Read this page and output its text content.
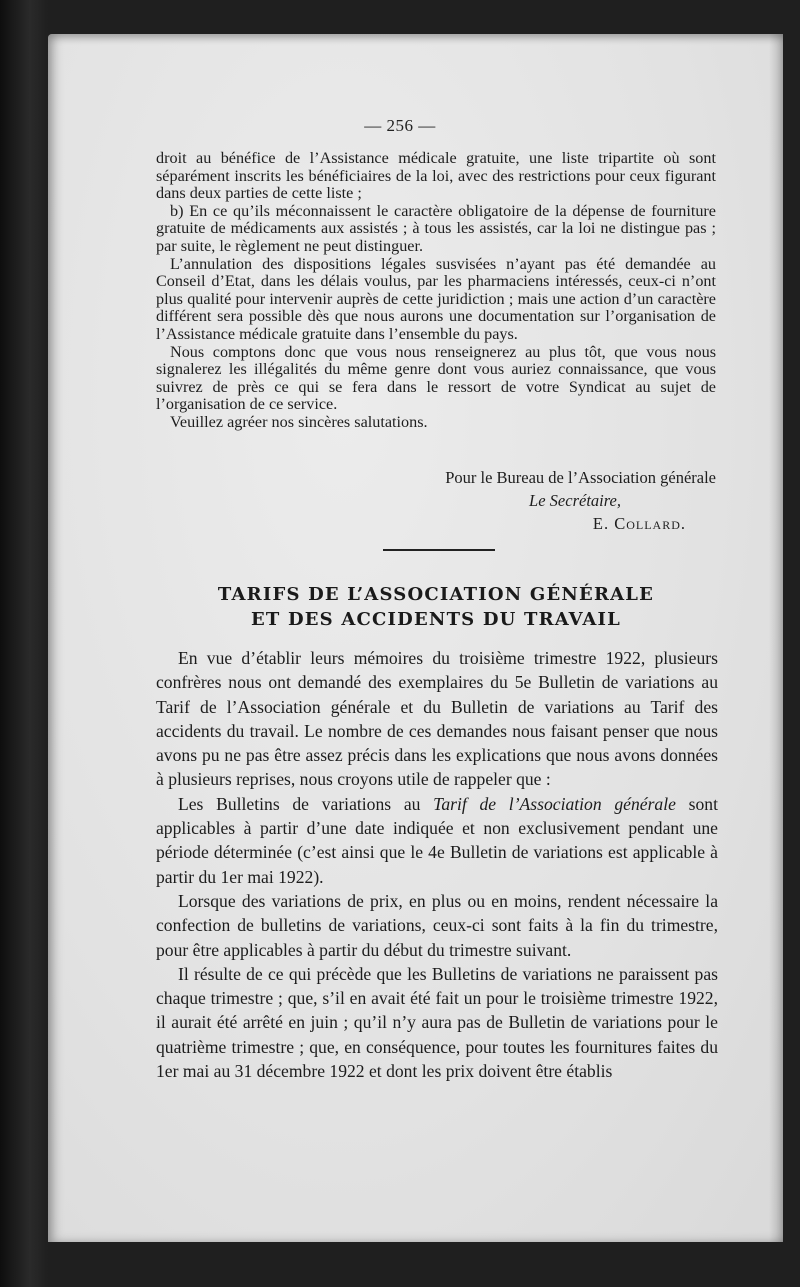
— 256 —

droit au bénéfice de l’Assistance médicale gratuite, une liste tripartite où sont séparément inscrits les bénéficiaires de la loi, avec des restrictions pour ceux figurant dans deux parties de cette liste ;

b) En ce qu’ils méconnaissent le caractère obligatoire de la dépense de fourniture gratuite de médicaments aux assistés ; à tous les assistés, car la loi ne distingue pas ; par suite, le règlement ne peut distinguer.

L’annulation des dispositions légales susvisées n’ayant pas été demandée au Conseil d’Etat, dans les délais voulus, par les pharmaciens intéressés, ceux-ci n’ont plus qualité pour intervenir auprès de cette juridiction ; mais une action d’un caractère différent sera possible dès que nous aurons une documentation sur l’organisation de l’Assistance médicale gratuite dans l’ensemble du pays.

Nous comptons donc que vous nous renseignerez au plus tôt, que vous nous signalerez les illégalités du même genre dont vous auriez connaissance, que vous suivrez de près ce qui se fera dans le ressort de votre Syndicat au sujet de l’organisation de ce service.

Veuillez agréer nos sincères salutations.

Pour le Bureau de l’Association générale
Le Secrétaire,
E. Collard.
TARIFS DE L’ASSOCIATION GÉNÉRALE
ET DES ACCIDENTS DU TRAVAIL

En vue d’établir leurs mémoires du troisième trimestre 1922, plusieurs confrères nous ont demandé des exemplaires du 5e Bulletin de variations au Tarif de l’Association générale et du Bulletin de variations au Tarif des accidents du travail. Le nombre de ces demandes nous faisant penser que nous avons pu ne pas être assez précis dans les explications que nous avons données à plusieurs reprises, nous croyons utile de rappeler que :

Les Bulletins de variations au Tarif de l’Association générale sont applicables à partir d’une date indiquée et non exclusivement pendant une période déterminée (c’est ainsi que le 4e Bulletin de variations est applicable à partir du 1er mai 1922).

Lorsque des variations de prix, en plus ou en moins, rendent nécessaire la confection de bulletins de variations, ceux-ci sont faits à la fin du trimestre, pour être applicables à partir du début du trimestre suivant.

Il résulte de ce qui précède que les Bulletins de variations ne paraissent pas chaque trimestre ; que, s’il en avait été fait un pour le troisième trimestre 1922, il aurait été arrêté en juin ; qu’il n’y aura pas de Bulletin de variations pour le quatrième trimestre ; que, en conséquence, pour toutes les fournitures faites du 1er mai au 31 décembre 1922 et dont les prix doivent être établis
